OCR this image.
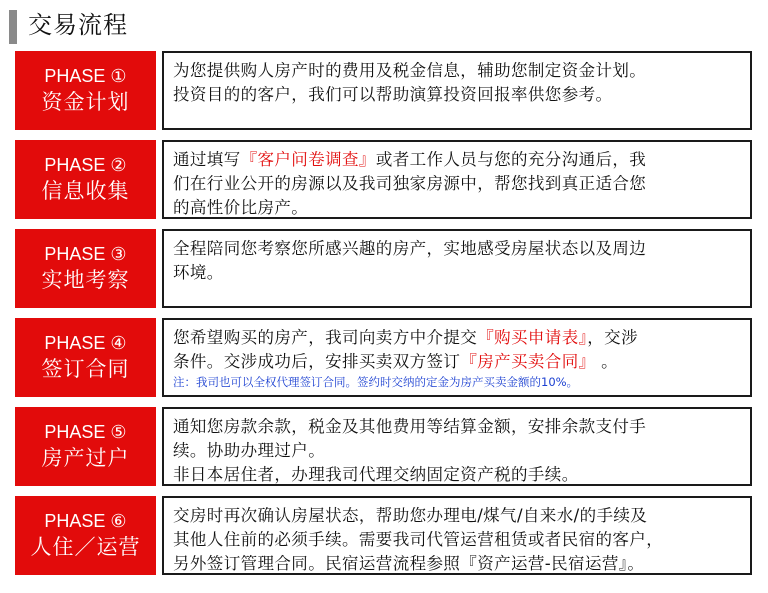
交易流程
PHASE ①
资金计划
为您提供购人房产时的费用及税金信息，辅助您制定资金计划。
投资目的的客户，我们可以帮助演算投资回报率供您参考。
PHASE ②
信息收集
通过填写『客户问卷调查』或者工作人员与您的充分沟通后，我
们在行业公开的房源以及我司独家房源中，帮您找到真正适合您
的高性价比房产。
PHASE ③
实地考察
全程陪同您考察您所感兴趣的房产，实地感受房屋状态以及周边
环境。
PHASE ④
签订合同
您希望购买的房产，我司向卖方中介提交『购买申请表』，交涉
条件。交涉成功后，安排买卖双方签订『房产买卖合同』 。
注：我司也可以全权代理签订合同。签约时交纳的定金为房产买卖金额的10%。
PHASE ⑤
房产过户
通知您房款余款，税金及其他费用等结算金额，安排余款支付手
续。协助办理过户。
非日本居住者，办理我司代理交纳固定资产税的手续。
PHASE ⑥
人住／运营
交房时再次确认房屋状态，帮助您办理电/煤气/自来水/的手续及
其他人住前的必须手续。需要我司代管运营租赁或者民宿的客户，
另外签订管理合同。民宿运营流程参照『资产运营-民宿运营』。
